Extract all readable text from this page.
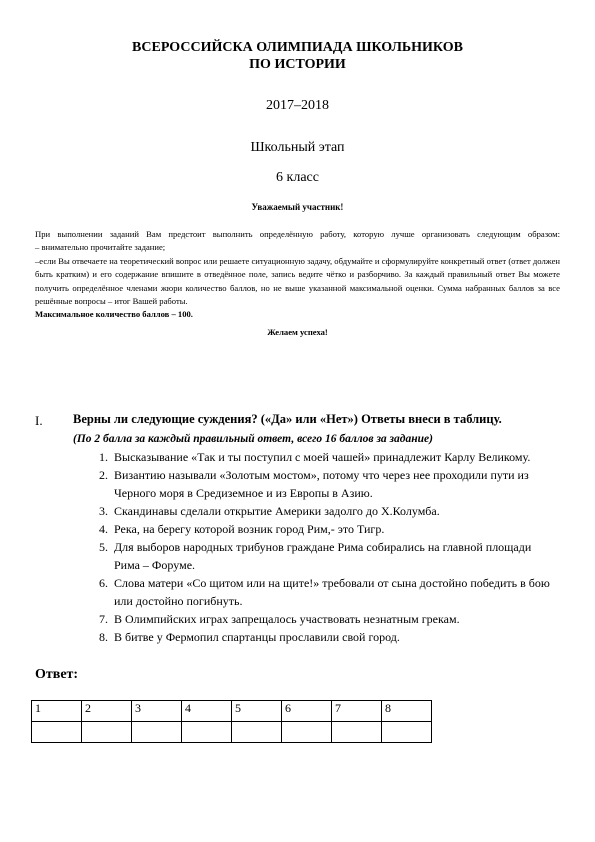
ВСЕРОССИЙСКА ОЛИМПИАДА ШКОЛЬНИКОВ
ПО ИСТОРИИ
2017–2018
Школьный этап
6 класс
Уважаемый участник!

При выполнении заданий Вам предстоит выполнить определённую работу, которую лучше организовать следующим образом:

– внимательно прочитайте задание;

–если Вы отвечаете на теоретический вопрос или решаете ситуационную задачу, обдумайте и сформулируйте конкретный ответ (ответ должен быть кратким) и его содержание впишите в отведённое поле, запись ведите чётко и разборчиво. За каждый правильный ответ Вы можете получить определённое членами жюри количество баллов, но не выше указанной максимальной оценки. Сумма набранных баллов за все решённые вопросы – итог Вашей работы.

Максимальное количество баллов – 100.

Желаем успеха!

I. Верны ли следующие суждения? («Да» или «Нет») Ответы внеси в таблицу.
(По 2 балла за каждый правильный ответ, всего 16 баллов за задание)
1. Высказывание «Так и ты поступил с моей чашей» принадлежит Карлу Великому.
2. Византию называли «Золотым мостом», потому что через нее проходили пути из Черного моря в Средиземное и из Европы в Азию.
3. Скандинавы сделали открытие Америки задолго до Х.Колумба.
4. Река, на берегу которой возник город Рим,- это Тигр.
5. Для выборов народных трибунов граждане Рима собирались на главной площади Рима – Форуме.
6. Слова матери «Со щитом или на щите!» требовали от сына достойно победить в бою или достойно погибнуть.
7. В Олимпийских играх запрещалось участвовать незнатным грекам.
8. В битве у Фермопил спартанцы прославили свой город.
Ответ:
1	2	3	4	5	6	7	8
